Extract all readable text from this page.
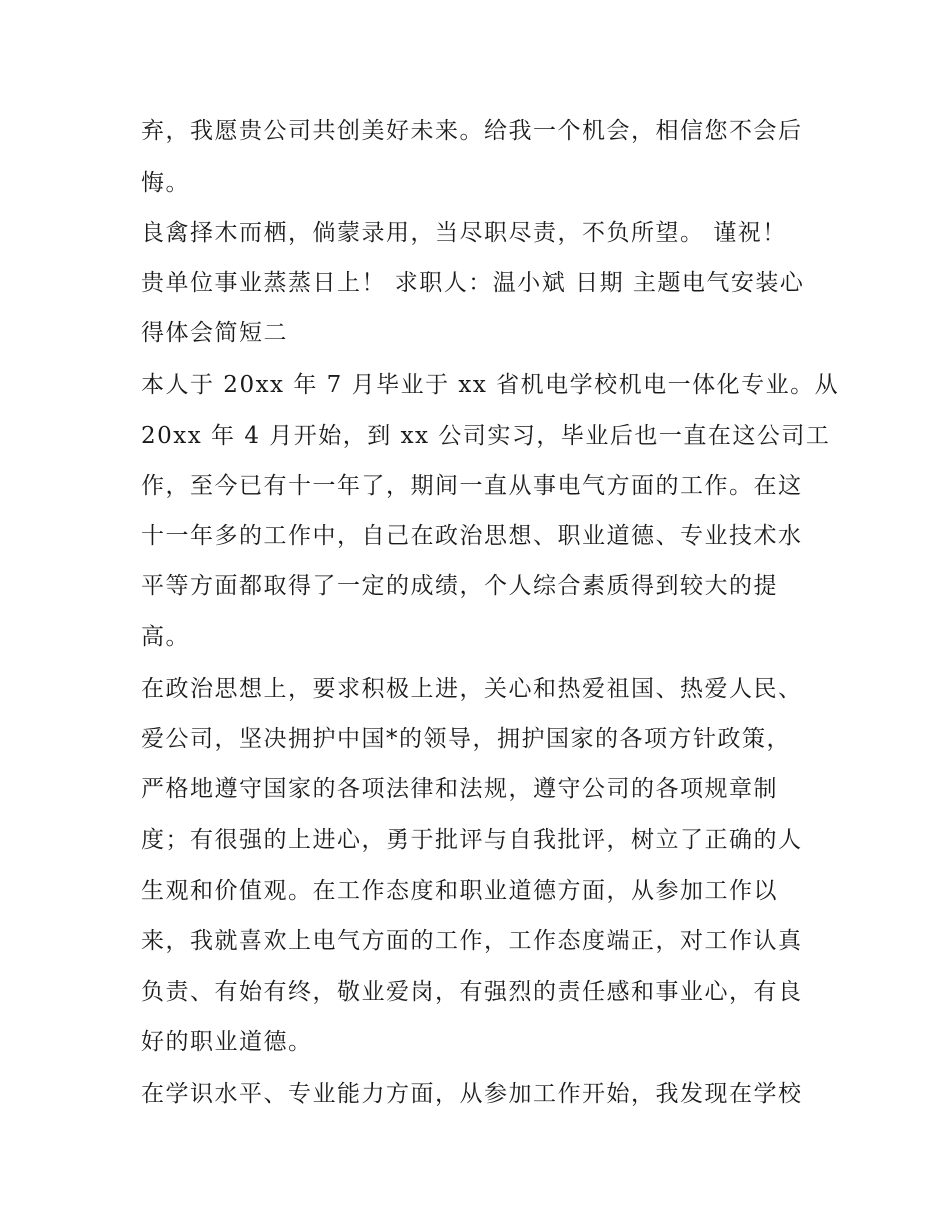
弃，我愿贵公司共创美好未来。给我一个机会，相信您不会后

悔。

良禽择木而栖，倘蒙录用，当尽职尽责，不负所望。 谨祝！

贵单位事业蒸蒸日上！ 求职人：温小斌 日期 主题电气安装心

得体会简短二

本人于 20xx 年 7 月毕业于 xx 省机电学校机电一体化专业。从

20xx 年 4 月开始，到 xx 公司实习，毕业后也一直在这公司工

作，至今已有十一年了，期间一直从事电气方面的工作。在这

十一年多的工作中，自己在政治思想、职业道德、专业技术水

平等方面都取得了一定的成绩，个人综合素质得到较大的提

高。

在政治思想上，要求积极上进，关心和热爱祖国、热爱人民、

爱公司，坚决拥护中国*的领导，拥护国家的各项方针政策，

严格地遵守国家的各项法律和法规，遵守公司的各项规章制

度；有很强的上进心，勇于批评与自我批评，树立了正确的人

生观和价值观。在工作态度和职业道德方面，从参加工作以

来，我就喜欢上电气方面的工作，工作态度端正，对工作认真

负责、有始有终，敬业爱岗，有强烈的责任感和事业心，有良

好的职业道德。

在学识水平、专业能力方面，从参加工作开始，我发现在学校
